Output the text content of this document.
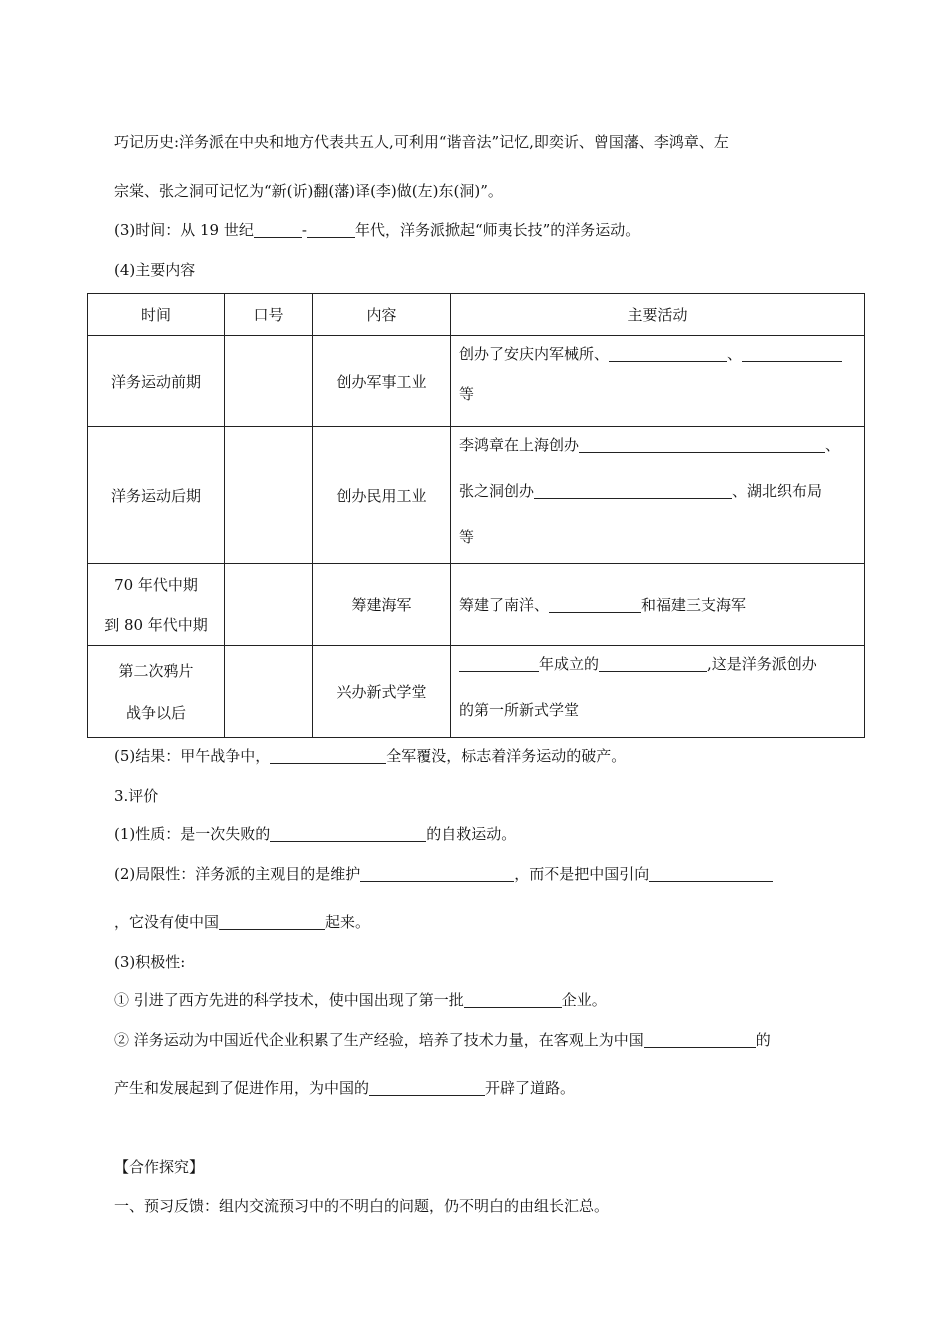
巧记历史:洋务派在中央和地方代表共五人,可利用“谐音法”记忆,即奕䜣、曾国藩、李鸿章、左
宗棠、张之洞可记忆为“新(䜣)翻(藩)译(李)做(左)东(洞)”。
(3)时间：从 19 世纪	-	年代，洋务派掀起“师夷长技”的洋务运动。
(4)主要内容
时间	口号	内容	主要活动
洋务运动前期		创办军事工业	创办了安庆内军械所、 、
等

洋务运动后期		创办民用工业	李鸿章在上海创办 、
张之洞创办 、湖北织布局
等

70 年代中期
到 80 年代中期		筹建海军	筹建了南洋、 和福建三支海军

第二次鸦片
战争以后		兴办新式学堂	年成立的 ,这是洋务派创办
的第一所新式学堂
(5)结果：甲午战争中，	全军覆没，标志着洋务运动的破产。
3.评价
(1)性质：是一次失败的	的自救运动。
(2)局限性：洋务派的主观目的是维护	，而不是把中国引向
，它没有使中国	起来。
(3)积极性:
① 引进了西方先进的科学技术，使中国出现了第一批	企业。
② 洋务运动为中国近代企业积累了生产经验，培养了技术力量，在客观上为中国	的
产生和发展起到了促进作用，为中国的	开辟了道路。
【合作探究】
一、预习反馈：组内交流预习中的不明白的问题，仍不明白的由组长汇总。
